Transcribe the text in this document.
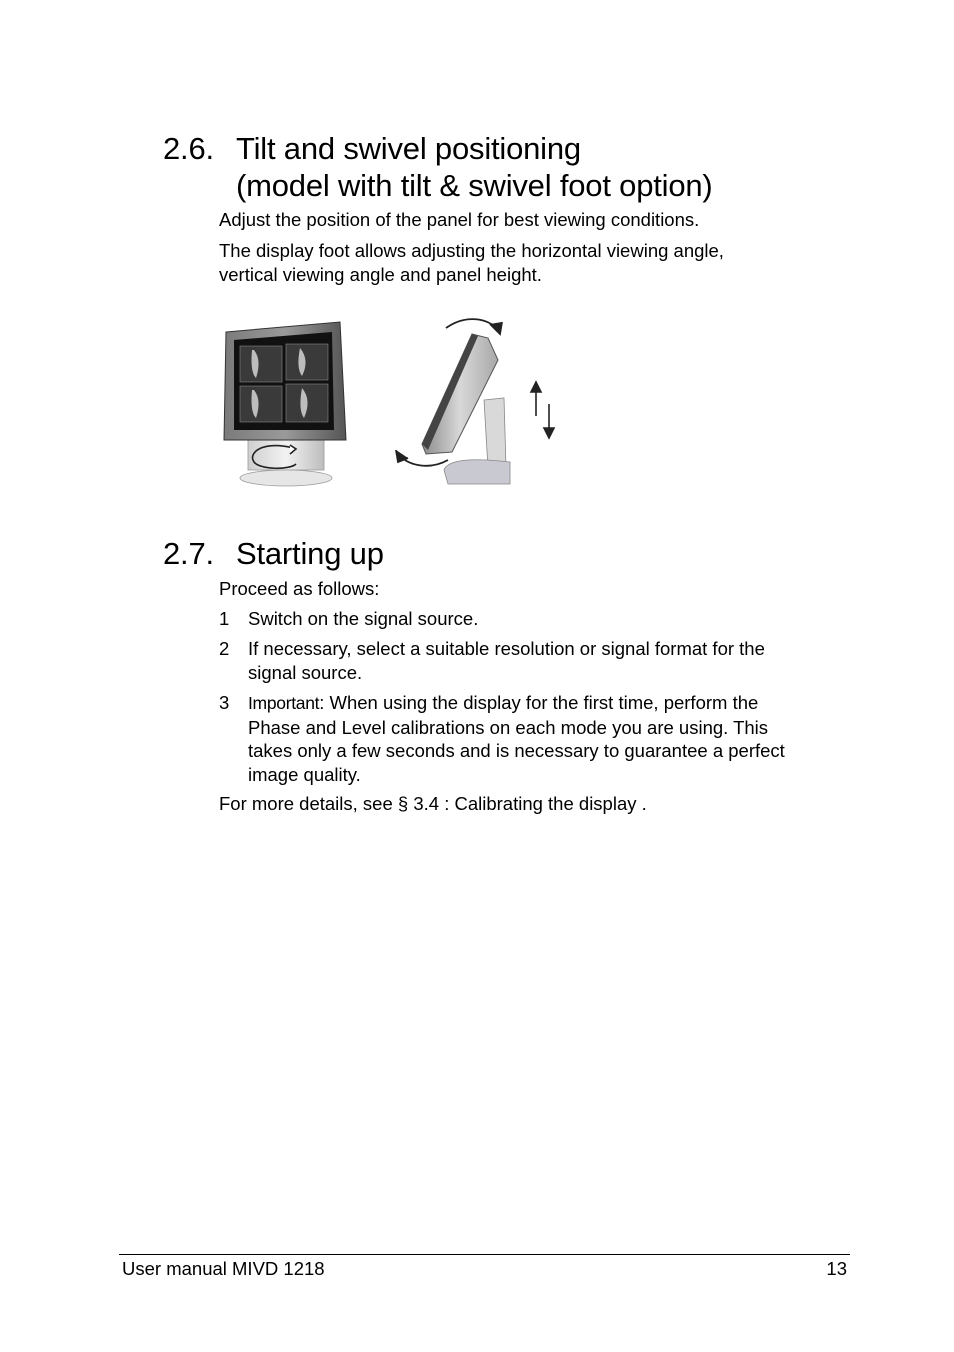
2.6. Tilt and swivel positioning
(model with tilt & swivel foot option)
Adjust the position of the panel for best viewing conditions.
The display foot allows adjusting the horizontal viewing angle,
vertical viewing angle and panel height.
2.7. Starting up
Proceed as follows:
1 Switch on the signal source.
2 If necessary, select a suitable resolution or signal format for the
signal source.
3 Important: When using the display for the first time, perform the
Phase and Level calibrations on each mode you are using. This
takes only a few seconds and is necessary to guarantee a perfect
image quality.
For more details, see § 3.4 : Calibrating the display .
User manual MIVD 1218	13
